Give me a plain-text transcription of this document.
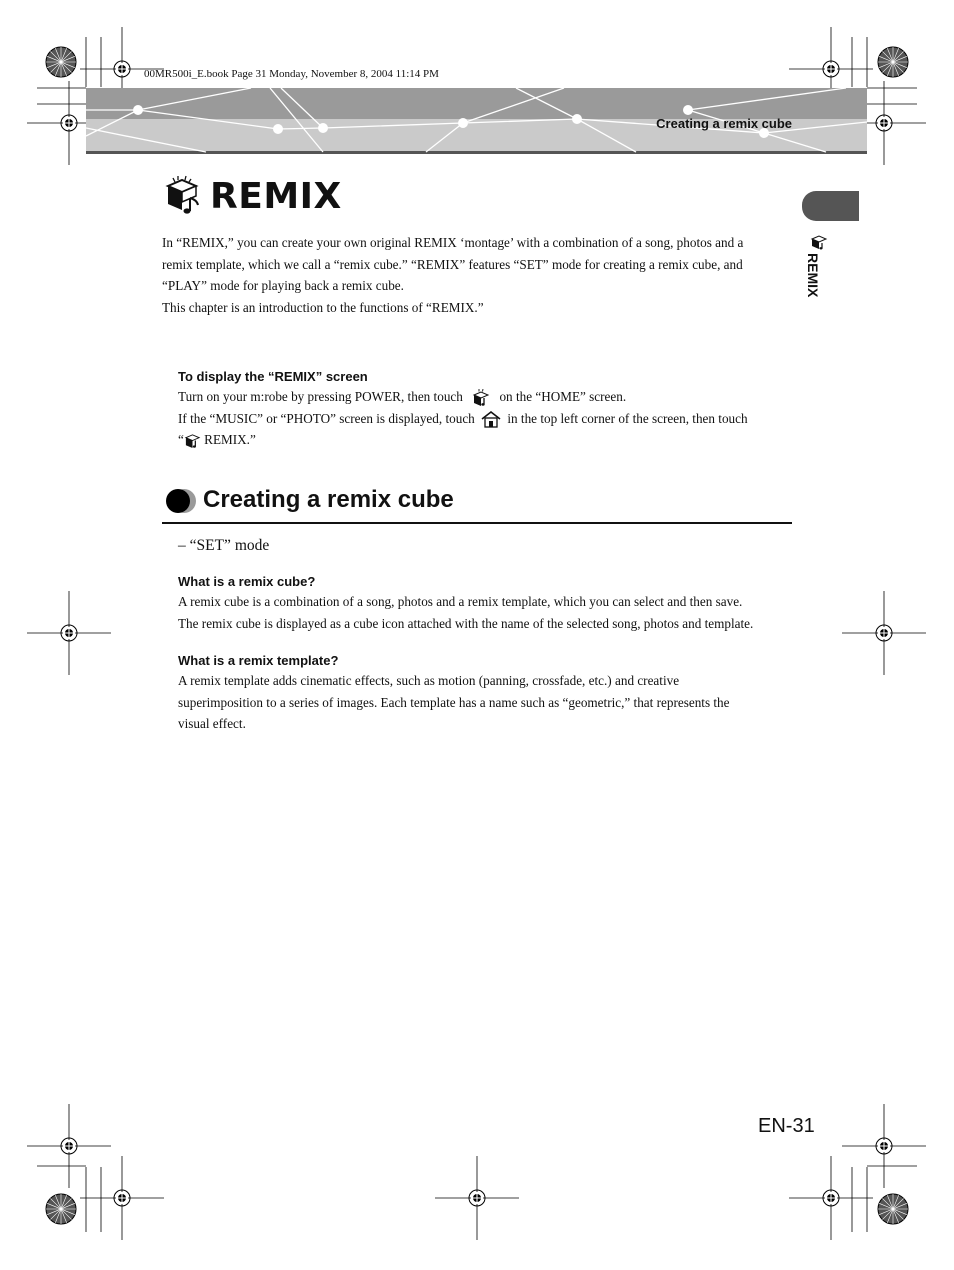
00MR500i_E.book Page 31 Monday, November 8, 2004 11:14 PM
Creating a remix cube
REMIX
REMIX
In “REMIX,” you can create your own original REMIX ‘montage’ with a combination of a song, photos and a
remix template, which we call a “remix cube.” “REMIX” features “SET” mode for creating a remix cube, and
“PLAY” mode for playing back a remix cube.
This chapter is an introduction to the functions of “REMIX.”
To display the “REMIX” screen
Turn on your m:robe by pressing POWER, then touch	on the “HOME” screen.
If the “MUSIC” or “PHOTO” screen is displayed, touch in the top left corner of the screen, then touch
“ REMIX.”
Creating a remix cube
– “SET” mode
What is a remix cube?
A remix cube is a combination of a song, photos and a remix template, which you can select and then save.
The remix cube is displayed as a cube icon attached with the name of the selected song, photos and template.
What is a remix template?
A remix template adds cinematic effects, such as motion (panning, crossfade, etc.) and creative
superimposition to a series of images. Each template has a name such as “geometric,” that represents the
visual effect.
EN-31
